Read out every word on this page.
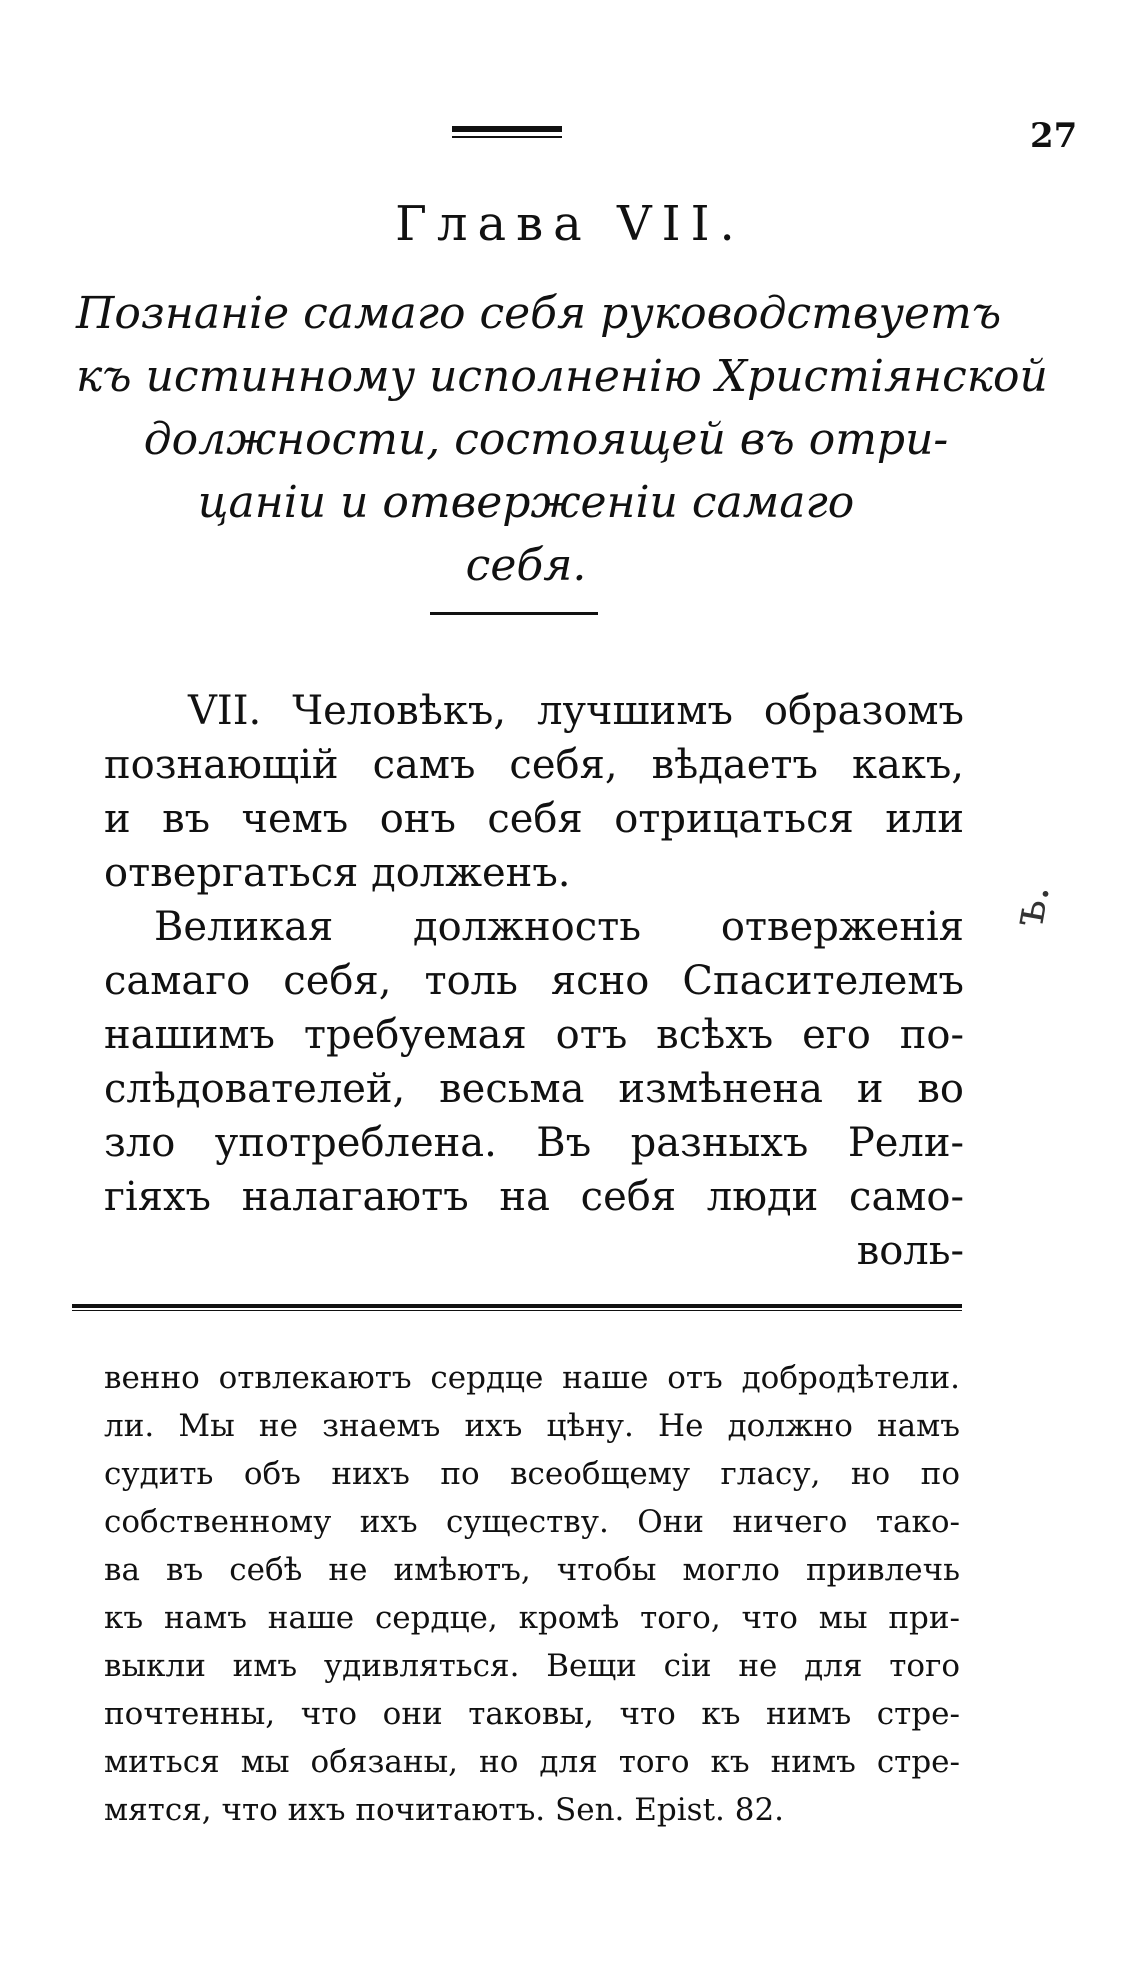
27
Глава VII.
Познаніе самаго себя руководствуетъ
къ истинному исполненію Христіянской
должности, состоящей въ отри-
цаніи и отверженіи самаго
себя.
VII. Человѣкъ, лучшимъ образомъ
познающій самъ себя, вѣдаетъ какъ,
и въ чемъ онъ себя отрицаться или
отвергаться долженъ.
Великая должность отверженія
самаго себя, толь ясно Спасителемъ
нашимъ требуемая отъ всѣхъ его по-
слѣдователей, весьма измѣнена и во
зло употреблена. Въ разныхъ Рели-
гіяхъ налагаютъ на себя люди само-
воль-
венно отвлекаютъ сердце наше отъ добродѣтели.
ли. Мы не знаемъ ихъ цѣну. Не должно намъ
судить объ нихъ по всеобщему гласу, но по
собственному ихъ существу. Они ничего тако-
ва въ себѣ не имѣютъ, чтобы могло привлечь
къ намъ наше сердце, кромѣ того, что мы при-
выкли имъ удивляться. Вещи сіи не для того
почтенны, что они таковы, что къ нимъ стре-
миться мы обязаны, но для того къ нимъ стре-
мятся, что ихъ почитаютъ. Sen. Epist. 82.
ъ.
